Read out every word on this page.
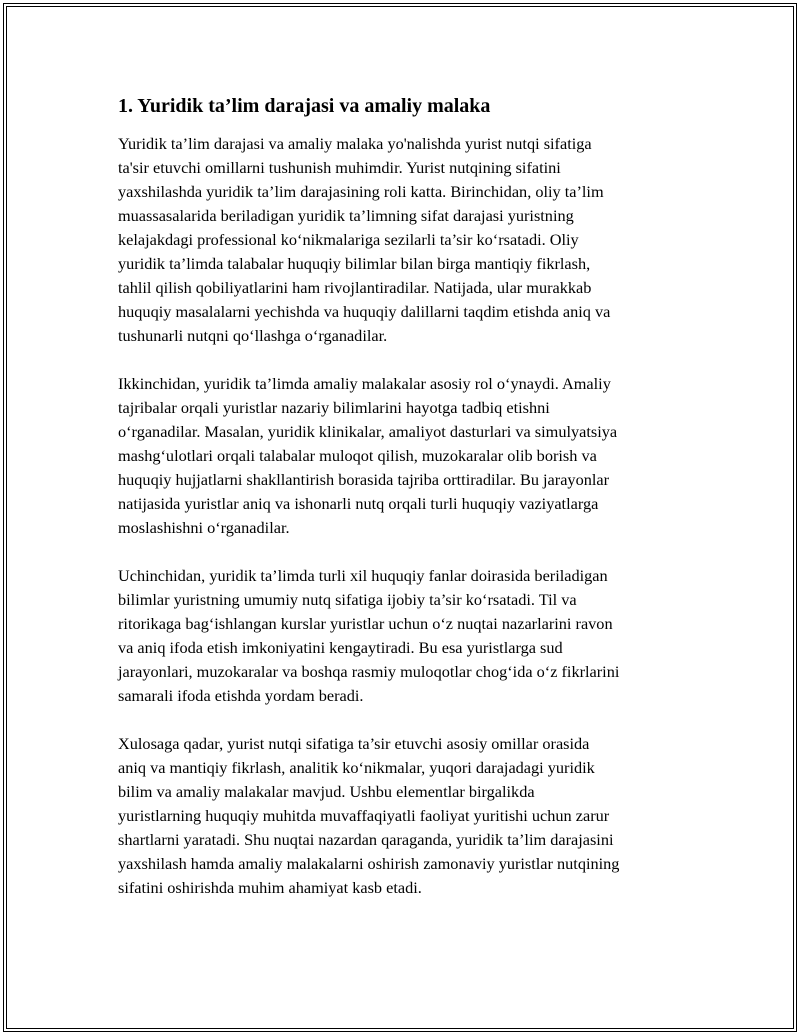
1. Yuridik ta’lim darajasi va amaliy malaka

Yuridik ta’lim darajasi va amaliy malaka yo'nalishda yurist nutqi sifatiga
ta'sir etuvchi omillarni tushunish muhimdir. Yurist nutqining sifatini
yaxshilashda yuridik ta’lim darajasining roli katta. Birinchidan, oliy ta’lim
muassasalarida beriladigan yuridik ta’limning sifat darajasi yuristning
kelajakdagi professional ko‘nikmalariga sezilarli ta’sir ko‘rsatadi. Oliy
yuridik ta’limda talabalar huquqiy bilimlar bilan birga mantiqiy fikrlash,
tahlil qilish qobiliyatlarini ham rivojlantiradilar. Natijada, ular murakkab
huquqiy masalalarni yechishda va huquqiy dalillarni taqdim etishda aniq va
tushunarli nutqni qo‘llashga o‘rganadilar.

Ikkinchidan, yuridik ta’limda amaliy malakalar asosiy rol o‘ynaydi. Amaliy
tajribalar orqali yuristlar nazariy bilimlarini hayotga tadbiq etishni
o‘rganadilar. Masalan, yuridik klinikalar, amaliyot dasturlari va simulyatsiya
mashg‘ulotlari orqali talabalar muloqot qilish, muzokaralar olib borish va
huquqiy hujjatlarni shakllantirish borasida tajriba orttiradilar. Bu jarayonlar
natijasida yuristlar aniq va ishonarli nutq orqali turli huquqiy vaziyatlarga
moslashishni o‘rganadilar.

Uchinchidan, yuridik ta’limda turli xil huquqiy fanlar doirasida beriladigan
bilimlar yuristning umumiy nutq sifatiga ijobiy ta’sir ko‘rsatadi. Til va
ritorikaga bag‘ishlangan kurslar yuristlar uchun o‘z nuqtai nazarlarini ravon
va aniq ifoda etish imkoniyatini kengaytiradi. Bu esa yuristlarga sud
jarayonlari, muzokaralar va boshqa rasmiy muloqotlar chog‘ida o‘z fikrlarini
samarali ifoda etishda yordam beradi.

Xulosaga qadar, yurist nutqi sifatiga ta’sir etuvchi asosiy omillar orasida
aniq va mantiqiy fikrlash, analitik ko‘nikmalar, yuqori darajadagi yuridik
bilim va amaliy malakalar mavjud. Ushbu elementlar birgalikda
yuristlarning huquqiy muhitda muvaffaqiyatli faoliyat yuritishi uchun zarur
shartlarni yaratadi. Shu nuqtai nazardan qaraganda, yuridik ta’lim darajasini
yaxshilash hamda amaliy malakalarni oshirish zamonaviy yuristlar nutqining
sifatini oshirishda muhim ahamiyat kasb etadi.
